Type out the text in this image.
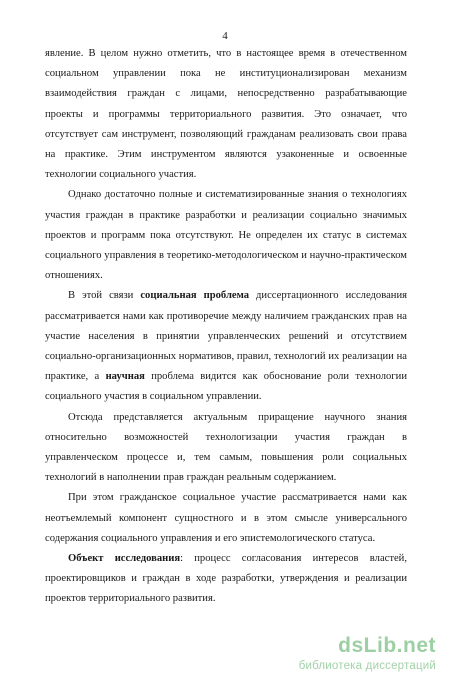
4

явление. В целом нужно отметить, что в настоящее время в отечественном социальном управлении пока не институционализирован механизм взаимодействия граждан с лицами, непосредственно разрабатывающие проекты и программы территориального развития. Это означает, что отсутствует сам инструмент, позволяющий гражданам реализовать свои права на практике. Этим инструментом являются узаконенные и освоенные технологии социального участия.

Однако достаточно полные и систематизированные знания о технологиях участия граждан в практике разработки и реализации социально значимых проектов и программ пока отсутствуют. Не определен их статус в системах социального управления в теоретико-методологическом и научно-практическом отношениях.

В этой связи социальная проблема диссертационного исследования рассматривается нами как противоречие между наличием гражданских прав на участие населения в принятии управленческих решений и отсутствием социально-организационных нормативов, правил, технологий их реализации на практике, а научная проблема видится как обоснование роли технологии социального участия в социальном управлении.

Отсюда представляется актуальным приращение научного знания относительно возможностей технологизации участия граждан в управленческом процессе и, тем самым, повышения роли социальных технологий в наполнении прав граждан реальным содержанием.

При этом гражданское социальное участие рассматривается нами как неотъемлемый компонент сущностного и в этом смысле универсального содержания социального управления и его эпистемологического статуса.

Объект исследования: процесс согласования интересов властей, проектировщиков и граждан в ходе разработки, утверждения и реализации проектов территориального развития.

dsLib.net
библиотека диссертаций
